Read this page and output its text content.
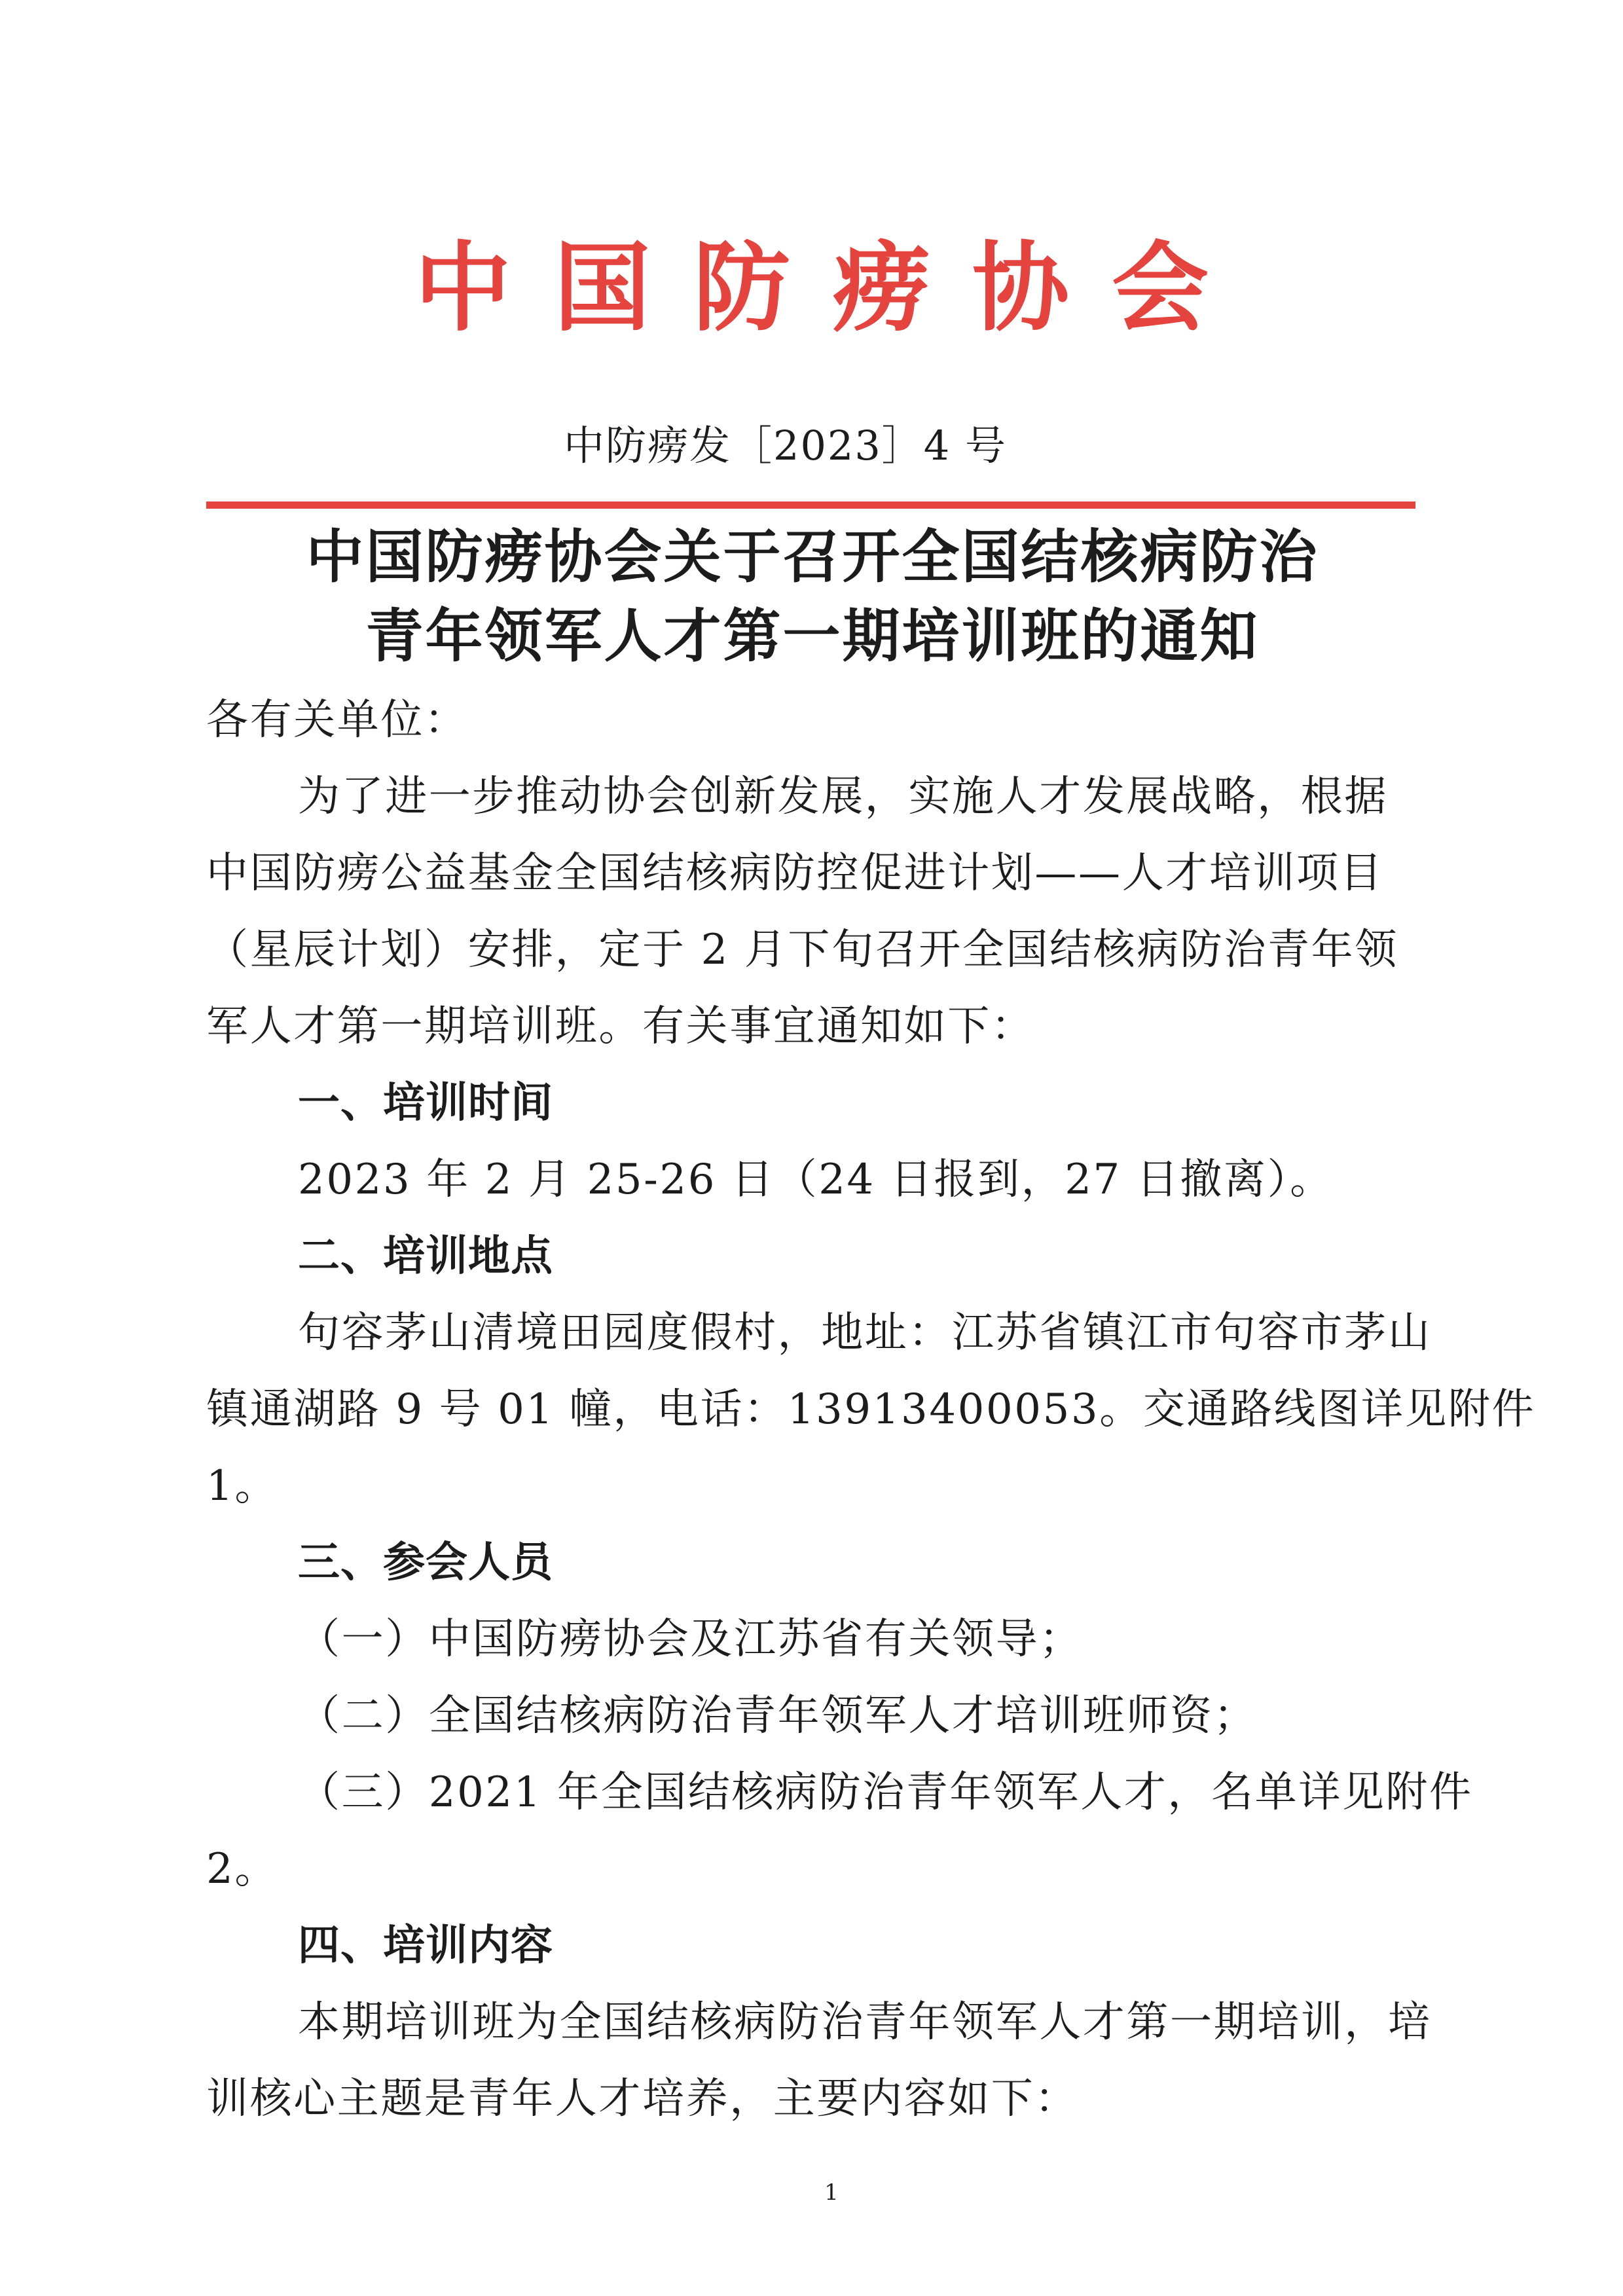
中国防痨协会
中防痨发［2023］4 号
中国防痨协会关于召开全国结核病防治
青年领军人才第一期培训班的通知
各有关单位：
为了进一步推动协会创新发展，实施人才发展战略，根据
中国防痨公益基金全国结核病防控促进计划——人才培训项目
（星辰计划）安排，定于 2 月下旬召开全国结核病防治青年领
军人才第一期培训班。有关事宜通知如下：
一、培训时间
2023 年 2 月 25-26 日（24 日报到，27 日撤离）。
二、培训地点
句容茅山清境田园度假村，地址：江苏省镇江市句容市茅山
镇通湖路 9 号 01 幢，电话：13913400053。交通路线图详见附件
1。
三、参会人员
（一）中国防痨协会及江苏省有关领导；
（二）全国结核病防治青年领军人才培训班师资；
（三）2021 年全国结核病防治青年领军人才，名单详见附件
2。
四、培训内容
本期培训班为全国结核病防治青年领军人才第一期培训，培
训核心主题是青年人才培养，主要内容如下：
1
